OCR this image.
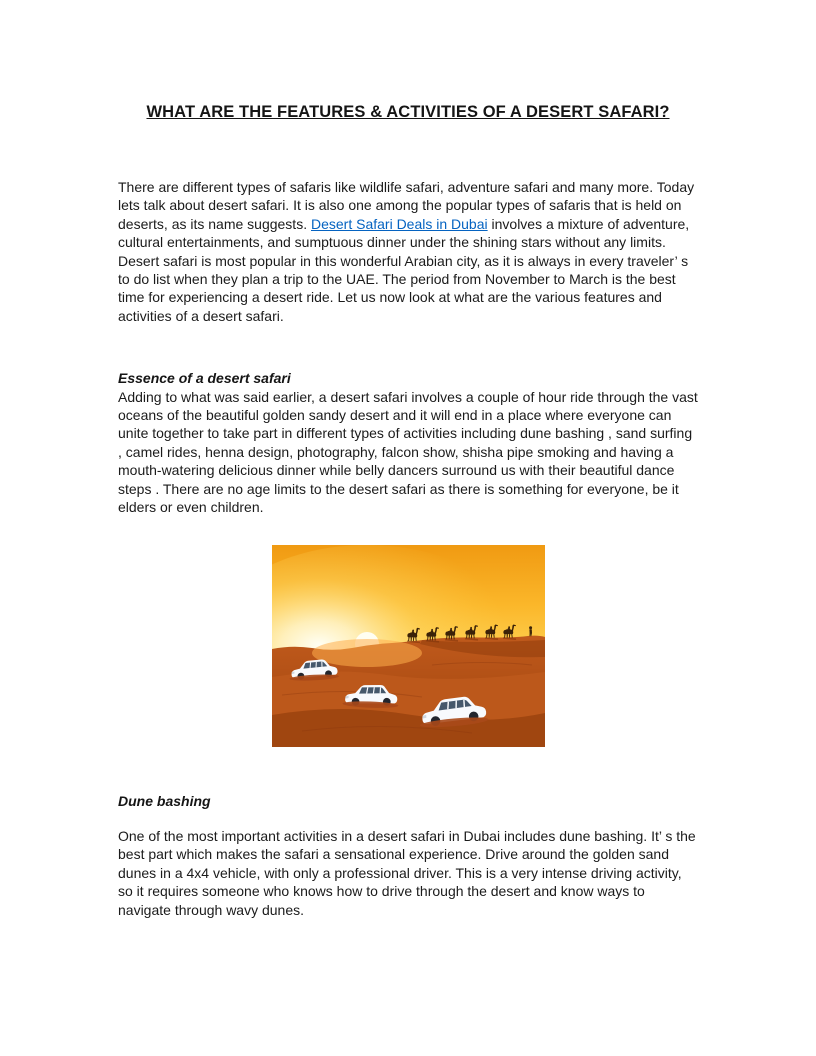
WHAT ARE THE FEATURES & ACTIVITIES OF A DESERT SAFARI?

There are different types of safaris like wildlife safari, adventure safari and many more. Today lets talk about desert safari. It is also one among the popular types of safaris that is held on deserts, as its name suggests. Desert Safari Deals in Dubai involves a mixture of adventure, cultural entertainments, and sumptuous dinner under the shining stars without any limits. Desert safari is most popular in this wonderful Arabian city, as it is always in every traveler’ s to do list when they plan a trip to the UAE. The period from November to March is the best time for experiencing a desert ride. Let us now look at what are the various features and activities of a desert safari.

Essence of a desert safari

Adding to what was said earlier, a desert safari involves a couple of hour ride through the vast oceans of the beautiful golden sandy desert and it will end in a place where everyone can unite together to take part in different types of activities including dune bashing , sand surfing , camel rides, henna design, photography, falcon show, shisha pipe smoking and having a mouth-watering delicious dinner while belly dancers surround us with their beautiful dance steps . There are no age limits to the desert safari as there is something for everyone, be it elders or even children.

Dune bashing

One of the most important activities in a desert safari in Dubai includes dune bashing. It’ s the best part which makes the safari a sensational experience. Drive around the golden sand dunes in a 4x4 vehicle, with only a professional driver. This is a very intense driving activity, so it requires someone who knows how to drive through the desert and know ways to navigate through wavy dunes.
